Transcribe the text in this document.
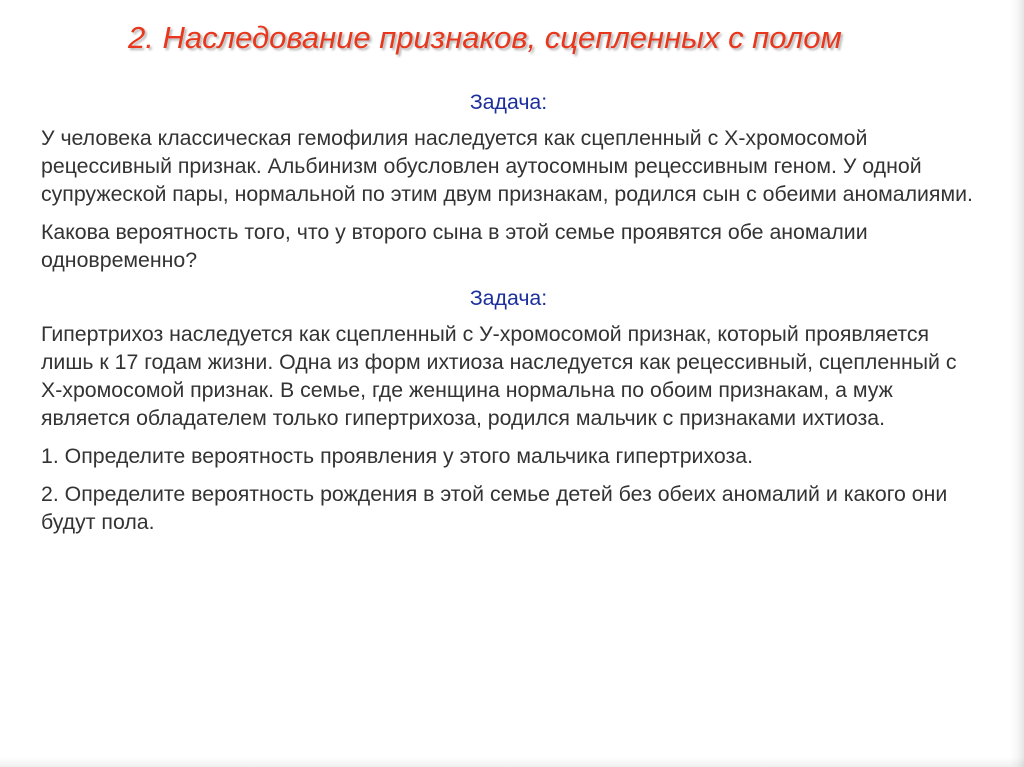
2. Наследование признаков, сцепленных с полом
Задача:
У человека классическая гемофилия наследуется как сцепленный с X-хромосомой рецессивный признак. Альбинизм обусловлен аутосомным рецессивным геном. У одной супружеской пары, нормальной по этим двум признакам, родился сын с обеими аномалиями.
Какова вероятность того, что у второго сына в этой семье проявятся обе аномалии одновременно?
Задача:
Гипертрихоз наследуется как сцепленный с У-хромосомой признак, который проявляется лишь к 17 годам жизни. Одна из форм ихтиоза наследуется как рецессивный, сцепленный с Х-хромосомой признак. В семье, где женщина нормальна по обоим признакам, а муж является обладателем только гипертрихоза, родился мальчик с признаками ихтиоза.
1. Определите вероятность проявления у этого мальчика гипертрихоза.
2. Определите вероятность рождения в этой семье детей без обеих аномалий и какого они будут пола.
